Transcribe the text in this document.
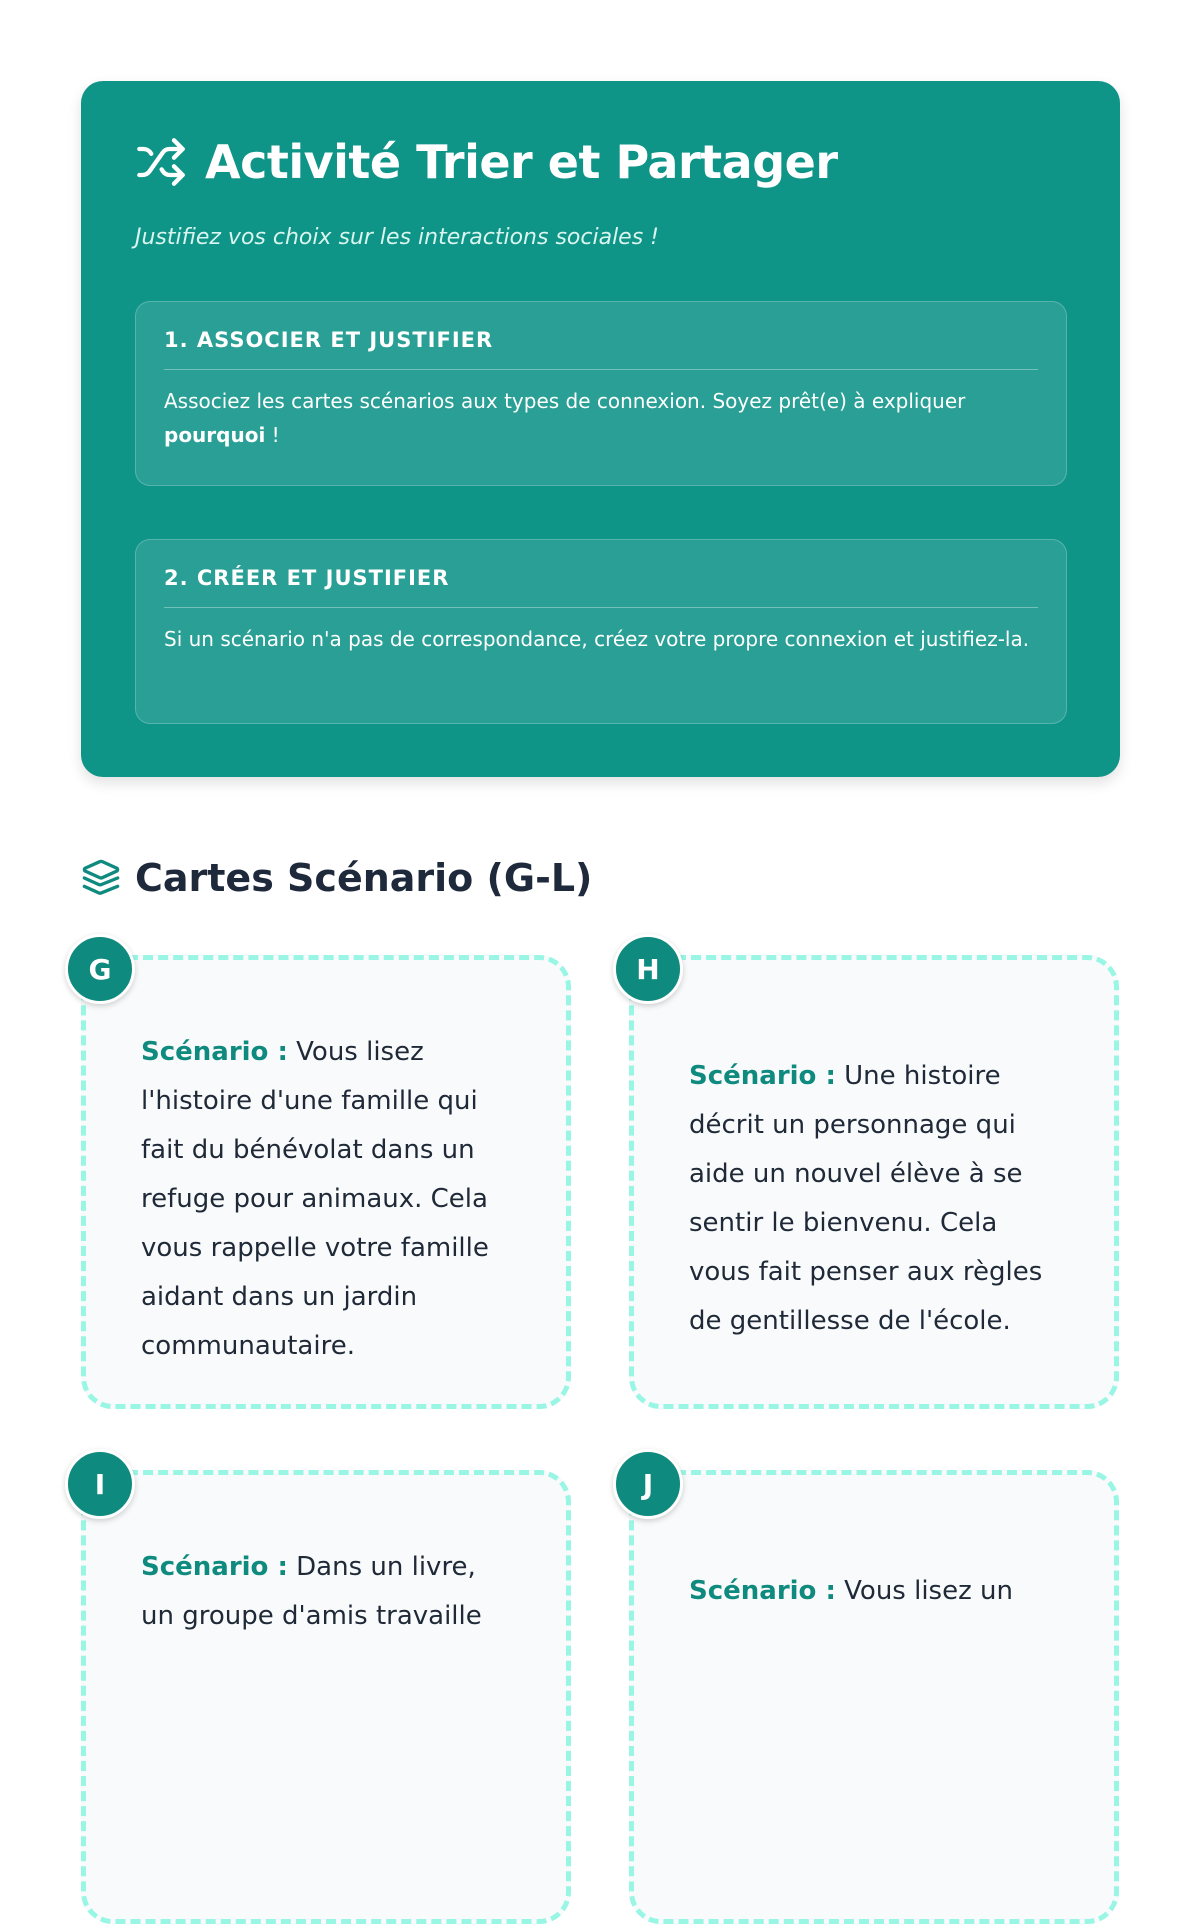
Activité Trier et Partager
Justifiez vos choix sur les interactions sociales !
1. ASSOCIER ET JUSTIFIER
Associez les cartes scénarios aux types de connexion. Soyez prêt(e) à expliquer pourquoi !
2. CRÉER ET JUSTIFIER
Si un scénario n'a pas de correspondance, créez votre propre connexion et justifiez-la.
Cartes Scénario (G-L)
Scénario : Vous lisez l'histoire d'une famille qui fait du bénévolat dans un refuge pour animaux. Cela vous rappelle votre famille aidant dans un jardin communautaire.
G
Scénario : Une histoire décrit un personnage qui aide un nouvel élève à se sentir le bienvenu. Cela vous fait penser aux règles de gentillesse de l'école.
H
Scénario : Dans un livre, un groupe d'amis travaille
I
Scénario : Vous lisez un
J
